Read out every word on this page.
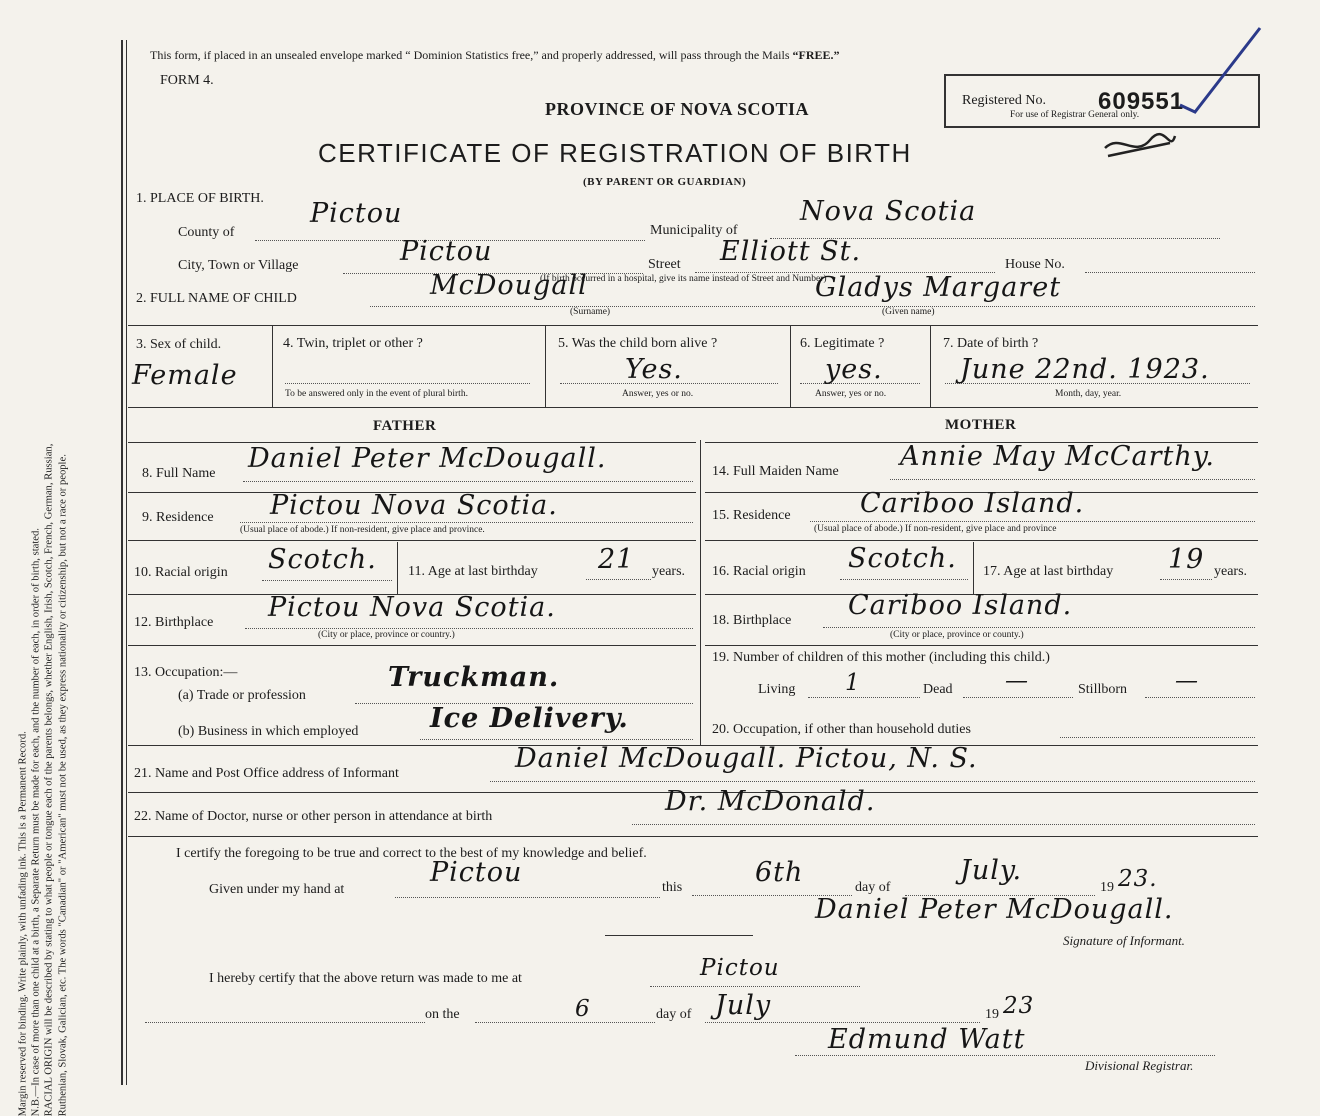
Margin reserved for binding. Write plainly, with unfading ink. This is a Permanent Record. N.B.—In case of more than one child at a birth, a Separate Return must be made for each, and the number of each, in order of birth, stated. RACIAL ORIGIN will be described by stating to what people or tongue each of the parents belongs, whether English, Irish, Scotch, French, German, Russian, Ruthenian, Slovak, Galician, etc. The words "Canadian" or "American" must not be used, as they express nationality or citizenship, but not a race or people.
This form, if placed in an unsealed envelope marked “ Dominion Statistics free,” and properly addressed, will pass through the Mails “FREE.”
FORM 4.
PROVINCE OF NOVA SCOTIA
CERTIFICATE OF REGISTRATION OF BIRTH
(BY PARENT OR GUARDIAN)
Registered No. 609551
For use of Registrar General only.
1. PLACE OF BIRTH.
County of
Pictou
Municipality of
Nova Scotia
City, Town or Village	Pictou	Street Elliott St.	House No.
(If birth occurred in a hospital, give its name instead of Street and Number)
2. FULL NAME OF CHILD	McDougall
(Surname)
Gladys Margaret
(Given name)
3. Sex of child.
Female
4. Twin, triplet or other ?
To be answered only in the event of plural birth.
5. Was the child born alive ?
Yes.
Answer, yes or no.
6. Legitimate ?
yes.
Answer, yes or no.
7. Date of birth ?
June 22nd. 1923.
Month, day, year.
FATHER	MOTHER
8. Full Name Daniel Peter McDougall.
9. Residence Pictou Nova Scotia.
(Usual place of abode.) If non-resident, give place and province.
10. Racial origin Scotch. 11. Age at last birthday 21 years.
12. Birthplace Pictou Nova Scotia.
(City or place, province or country.)
13. Occupation:—
(a) Trade or profession
Truckman.
(b) Business in which employed	Ice Delivery.
14. Full Maiden Name Annie May McCarthy.
15. Residence	Cariboo Island.
(Usual place of abode.) If non-resident, give place and province
16. Racial origin Scotch. 17. Age at last birthday 19 years.
18. Birthplace Cariboo Island.
(City or place, province or county.)
19. Number of children of this mother (including this child.)
Living 1	Dead —	Stillborn —
20. Occupation, if other than household duties
21. Name and Post Office address of Informant	Daniel McDougall. Pictou, N. S.
22. Name of Doctor, nurse or other person in attendance at birth	Dr. McDonald.
I certify the foregoing to be true and correct to the best of my knowledge and belief.
Given under my hand at
Pictou	this	6th	day of
July.
19 23.
Daniel Peter McDougall.
Signature of Informant.
I hereby certify that the above return was made to me at	Pictou
on the	6	day of July	19 23
Edmund Watt
Divisional Registrar.
